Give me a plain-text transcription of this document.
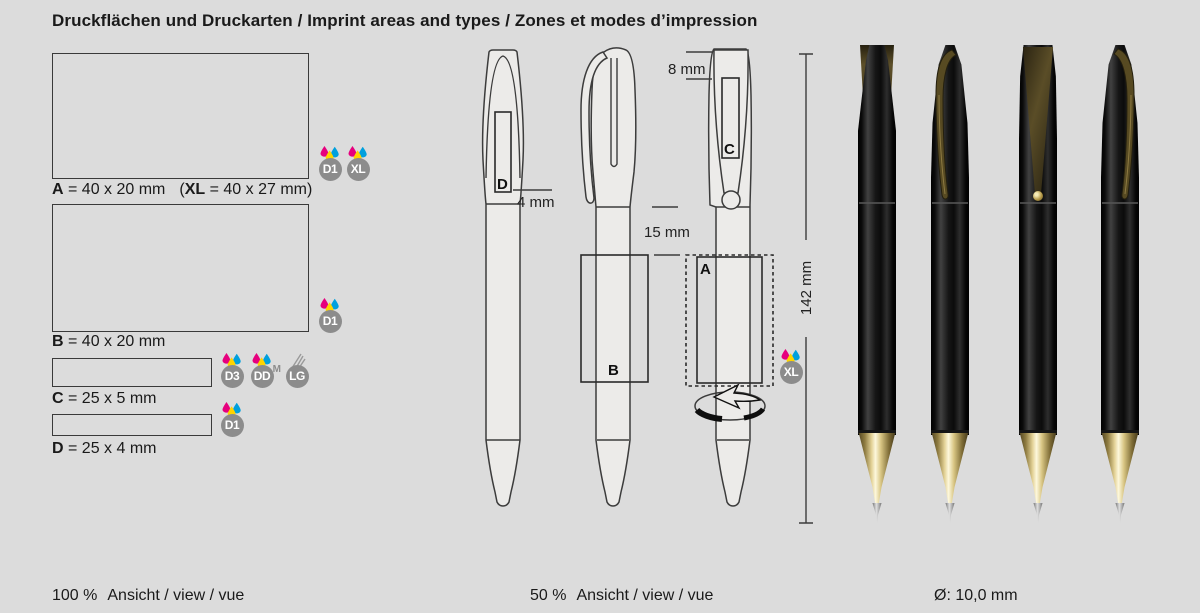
Druckflächen und Druckarten / Imprint areas and types / Zones et modes d’impression
A = 40 x 20 mm (XL = 40 x 27 mm)
B = 40 x 20 mm
C = 25 x 5 mm
D = 25 x 4 mm
D1	XL
D1
D3	DD M LG
D1
XL
D
4 mm
B
15 mm
C
A
8 mm
142 mm
100 % Ansicht / view / vue	50 % Ansicht / view / vue	Ø: 10,0 mm
